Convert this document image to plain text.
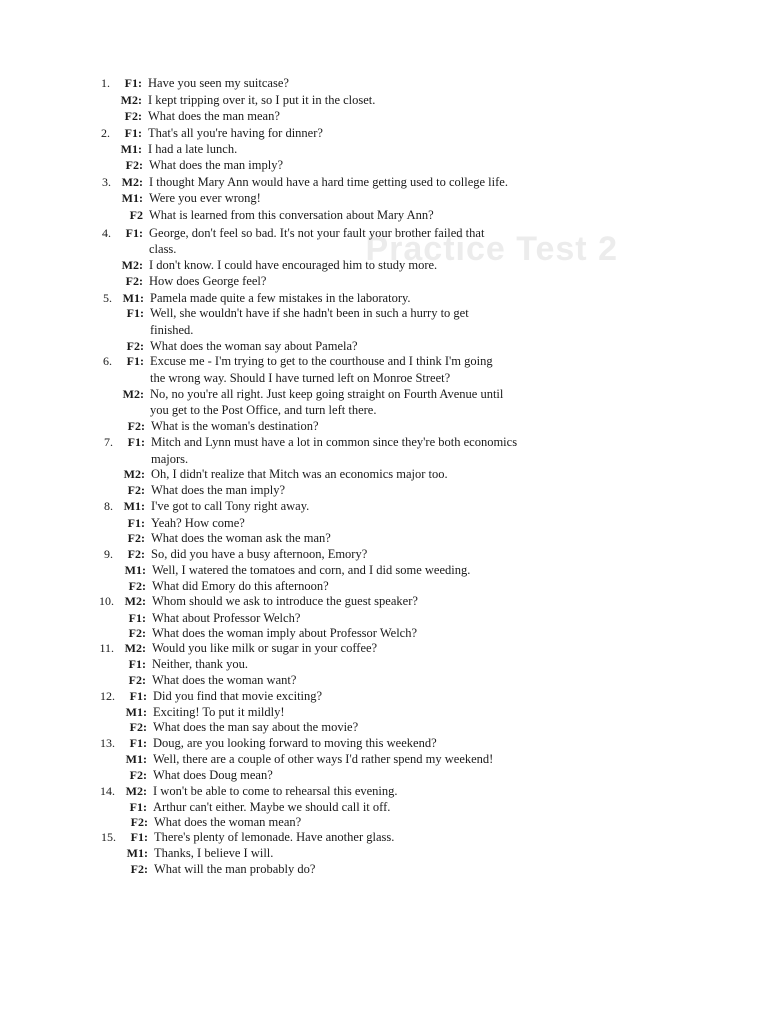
Practice Test 2
1.	F1: Have you seen my suitcase?
M2: I kept tripping over it, so I put it in the closet.
F2: What does the man mean?
2.	F1: That's all you're having for dinner?
M1: I had a late lunch.
F2: What does the man imply?
3. M2: I thought Mary Ann would have a hard time getting used to college life.
M1: Were you ever wrong!
F2 What is learned from this conversation about Mary Ann?
4.	F1: George, don't feel so bad. It's not your fault your brother failed that
class.
M2: I don't know. I could have encouraged him to study more.
F2: How does George feel?
5. M1: Pamela made quite a few mistakes in the laboratory.
F1: Well, she wouldn't have if she hadn't been in such a hurry to get
finished.
F2: What does the woman say about Pamela?
6.	F1: Excuse me - I'm trying to get to the courthouse and I think I'm going
the wrong way. Should I have turned left on Monroe Street?
M2: No, no you're all right. Just keep going straight on Fourth Avenue until
you get to the Post Office, and turn left there.
F2: What is the woman's destination?
7.	F1: Mitch and Lynn must have a lot in common since they're both economics
majors.
M2: Oh, I didn't realize that Mitch was an economics major too.
F2: What does the man imply?
8. M1: I've got to call Tony right away.
F1: Yeah? How come?
F2: What does the woman ask the man?
9.	F2: So, did you have a busy afternoon, Emory?
M1: Well, I watered the tomatoes and corn, and I did some weeding.
F2: What did Emory do this afternoon?
10. M2: Whom should we ask to introduce the guest speaker?
F1: What about Professor Welch?
F2: What does the woman imply about Professor Welch?
11. M2: Would you like milk or sugar in your coffee?
F1: Neither, thank you.
F2: What does the woman want?
12.	F1: Did you find that movie exciting?
M1: Exciting! To put it mildly!
F2: What does the man say about the movie?
13.	F1: Doug, are you looking forward to moving this weekend?
M1: Well, there are a couple of other ways I'd rather spend my weekend!
F2: What does Doug mean?
14. M2: I won't be able to come to rehearsal this evening.
F1: Arthur can't either. Maybe we should call it off.
F2: What does the woman mean?
15.	F1: There's plenty of lemonade. Have another glass.
M1: Thanks, I believe I will.
F2: What will the man probably do?
